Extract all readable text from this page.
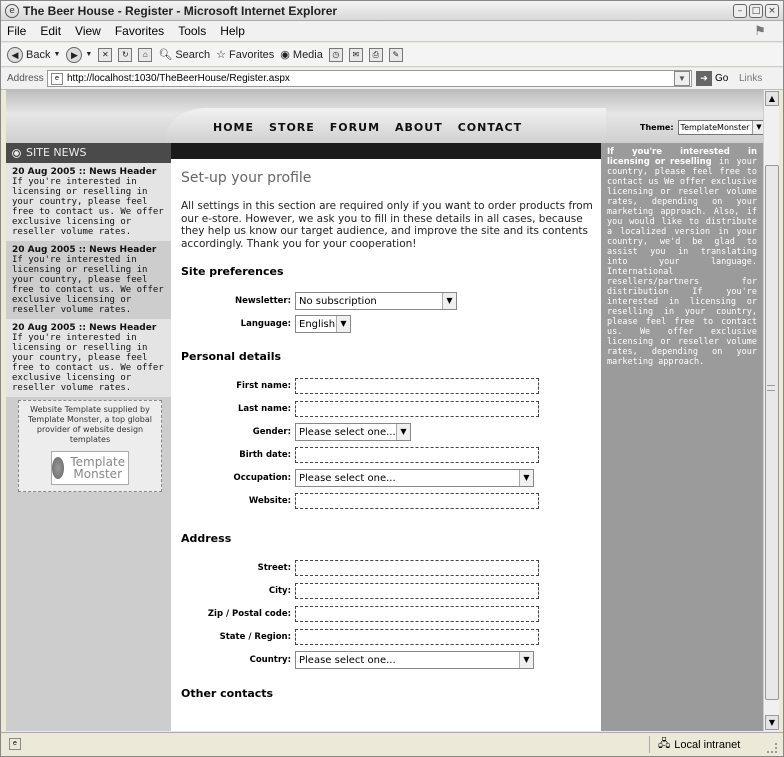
e The Beer House - Register - Microsoft Internet Explorer	–	□ ×
File Edit View Favorites Tools Help	⚑
◀ Back ▼	▶	▼	✕	↻	⌂ 🔍︎ Search ☆ Favorites ◉ Media	◷	✉	⎙	✎
Address	e http://localhost:1030/TheBeerHouse/Register.aspx	▼	➜ Go Links
HOME STORE FORUM ABOUT CONTACT	Theme: TemplateMonster ▼
● SITE NEWS
20 Aug 2005 :: News Header
If you're interested in licensing or reselling in your country, please feel free to contact us. We offer exclusive licensing or reseller volume rates.
20 Aug 2005 :: News Header
If you're interested in licensing or reselling in your country, please feel free to contact us. We offer exclusive licensing or reseller volume rates.
20 Aug 2005 :: News Header
If you're interested in licensing or reselling in your country, please feel free to contact us. We offer exclusive licensing or reseller volume rates.
Website Template supplied by Template Monster, a top global provider of website design templates
Template Monster
Set-up your profile

All settings in this section are required only if you want to order products from our e-store. However, we ask you to fill in these details in all cases, because they help us know our target audience, and improve the site and its contents accordingly. Thank you for your cooperation!

Site preferences
Newsletter: No subscription	▼
Language: English ▼
Personal details
First name:
Last name:
Gender: Please select one... ▼
Birth date:
Occupation: Please select one...	▼
Website:
Address
Street:
City:
Zip / Postal code:
State / Region:
Country: Please select one...	▼
Other contacts
If you're interested in licensing or reselling in your country, please feel free to contact us We offer exclusive licensing or reseller volume rates, depending on your marketing approach. Also, if you would like to distribute a localized version in your country, we'd be glad to assist you in translating into your language. International resellers/partners for distribution If you're interested in licensing or reselling in your country, please feel free to contact us. We offer exclusive licensing or reseller volume rates, depending on your marketing approach.
▲
▼
e	🖧 Local intranet
